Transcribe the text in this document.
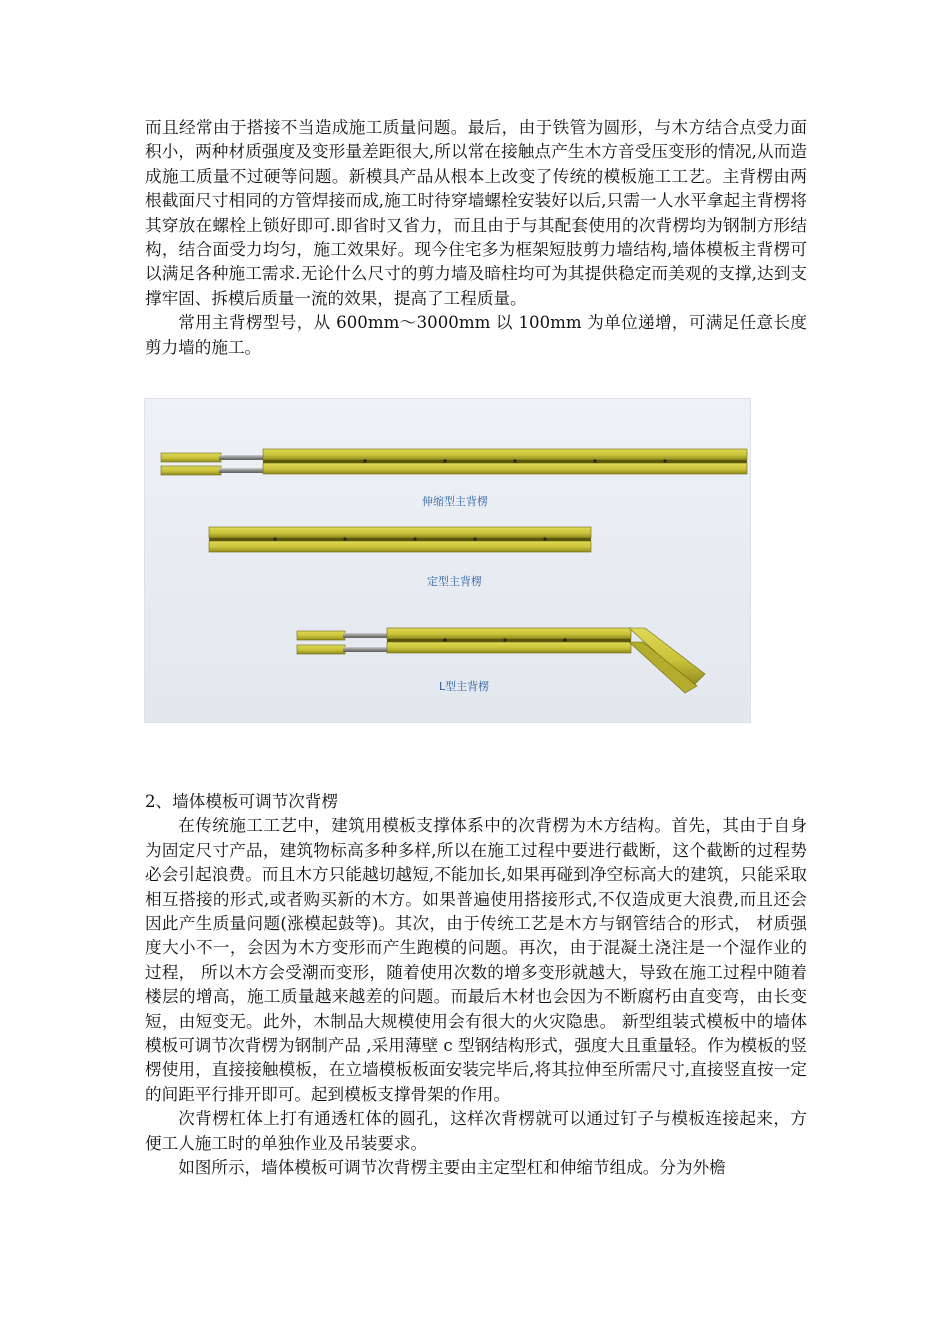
而且经常由于搭接不当造成施工质量问题。最后，由于铁管为圆形，与木方结合点受力面积小，两种材质强度及变形量差距很大,所以常在接触点产生木方音受压变形的情况,从而造成施工质量不过硬等问题。新模具产品从根本上改变了传统的模板施工工艺。主背楞由两根截面尺寸相同的方管焊接而成,施工时待穿墙螺栓安装好以后,只需一人水平拿起主背楞将其穿放在螺栓上锁好即可.即省时又省力，而且由于与其配套使用的次背楞均为钢制方形结构，结合面受力均匀，施工效果好。现今住宅多为框架短肢剪力墙结构,墙体模板主背楞可以满足各种施工需求.无论什么尺寸的剪力墙及暗柱均可为其提供稳定而美观的支撑,达到支撑牢固、拆模后质量一流的效果，提高了工程质量。

常用主背楞型号，从 600mm～3000mm 以 100mm 为单位递增，可满足任意长度剪力墙的施工。

伸缩型主背楞
定型主背楞
L型主背楞

2、墙体模板可调节次背楞

在传统施工工艺中，建筑用模板支撑体系中的次背楞为木方结构。首先，其由于自身为固定尺寸产品，建筑物标高多种多样,所以在施工过程中要进行截断，这个截断的过程势必会引起浪费。而且木方只能越切越短,不能加长,如果再碰到净空标高大的建筑，只能采取相互搭接的形式,或者购买新的木方。如果普遍使用搭接形式,不仅造成更大浪费,而且还会因此产生质量问题(涨模起鼓等)。其次，由于传统工艺是木方与钢管结合的形式， 材质强度大小不一，会因为木方变形而产生跑模的问题。再次，由于混凝土浇注是一个湿作业的过程， 所以木方会受潮而变形，随着使用次数的增多变形就越大，导致在施工过程中随着楼层的增高，施工质量越来越差的问题。而最后木材也会因为不断腐朽由直变弯，由长变短，由短变无。此外，木制品大规模使用会有很大的火灾隐患。 新型组装式模板中的墙体模板可调节次背楞为钢制产品 ,采用薄壁 c 型钢结构形式，强度大且重量轻。作为模板的竖楞使用，直接接触模板，在立墙模板板面安装完毕后,将其拉伸至所需尺寸,直接竖直按一定的间距平行排开即可。起到模板支撑骨架的作用。

次背楞杠体上打有通透杠体的圆孔，这样次背楞就可以通过钉子与模板连接起来，方便工人施工时的单独作业及吊装要求。

如图所示，墙体模板可调节次背楞主要由主定型杠和伸缩节组成。分为外檐
